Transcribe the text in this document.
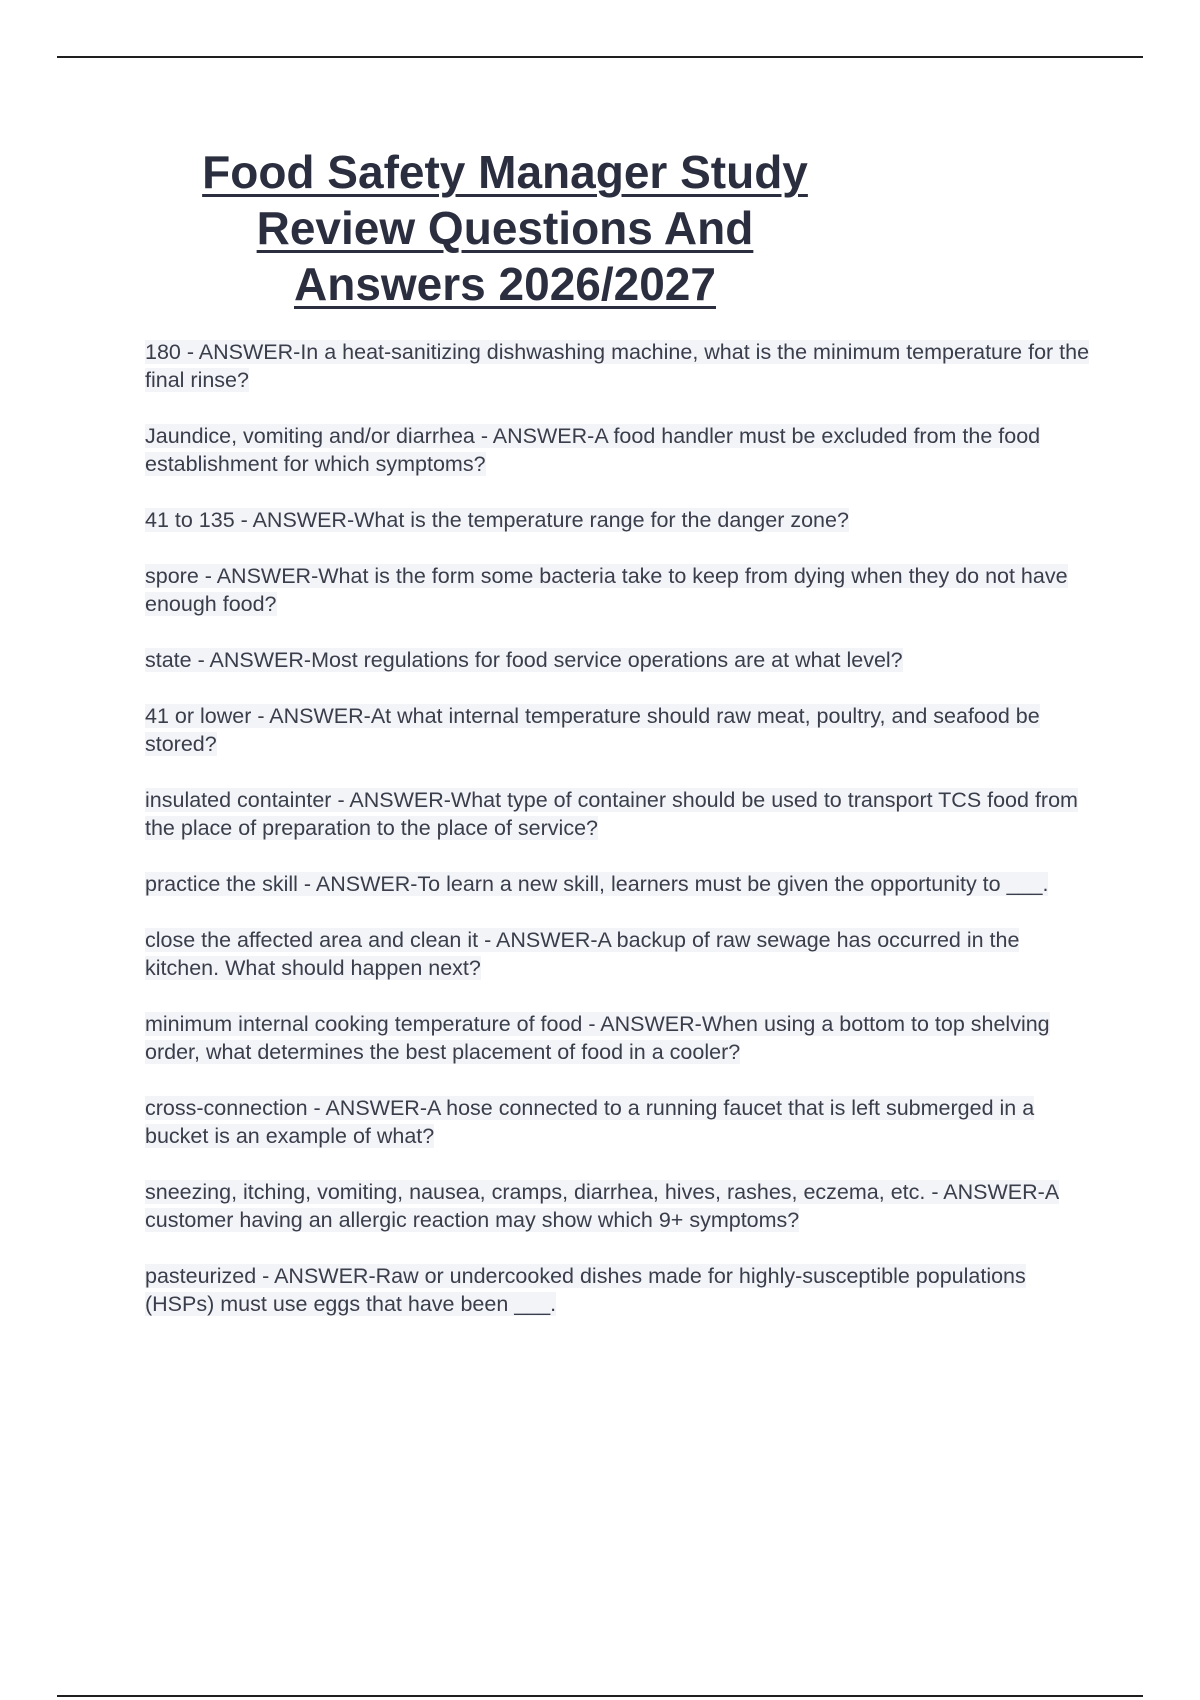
Food Safety Manager Study
Review Questions And
Answers 2026/2027
180 - ANSWER-In a heat-sanitizing dishwashing machine, what is the minimum temperature for the final rinse?
Jaundice, vomiting and/or diarrhea - ANSWER-A food handler must be excluded from the food establishment for which symptoms?
41 to 135 - ANSWER-What is the temperature range for the danger zone?
spore - ANSWER-What is the form some bacteria take to keep from dying when they do not have enough food?
state - ANSWER-Most regulations for food service operations are at what level?
41 or lower - ANSWER-At what internal temperature should raw meat, poultry, and seafood be stored?
insulated containter - ANSWER-What type of container should be used to transport TCS food from the place of preparation to the place of service?
practice the skill - ANSWER-To learn a new skill, learners must be given the opportunity to ___.
close the affected area and clean it - ANSWER-A backup of raw sewage has occurred in the kitchen. What should happen next?
minimum internal cooking temperature of food - ANSWER-When using a bottom to top shelving order, what determines the best placement of food in a cooler?
cross-connection - ANSWER-A hose connected to a running faucet that is left submerged in a bucket is an example of what?
sneezing, itching, vomiting, nausea, cramps, diarrhea, hives, rashes, eczema, etc. - ANSWER-A customer having an allergic reaction may show which 9+ symptoms?
pasteurized - ANSWER-Raw or undercooked dishes made for highly-susceptible populations (HSPs) must use eggs that have been ___.
